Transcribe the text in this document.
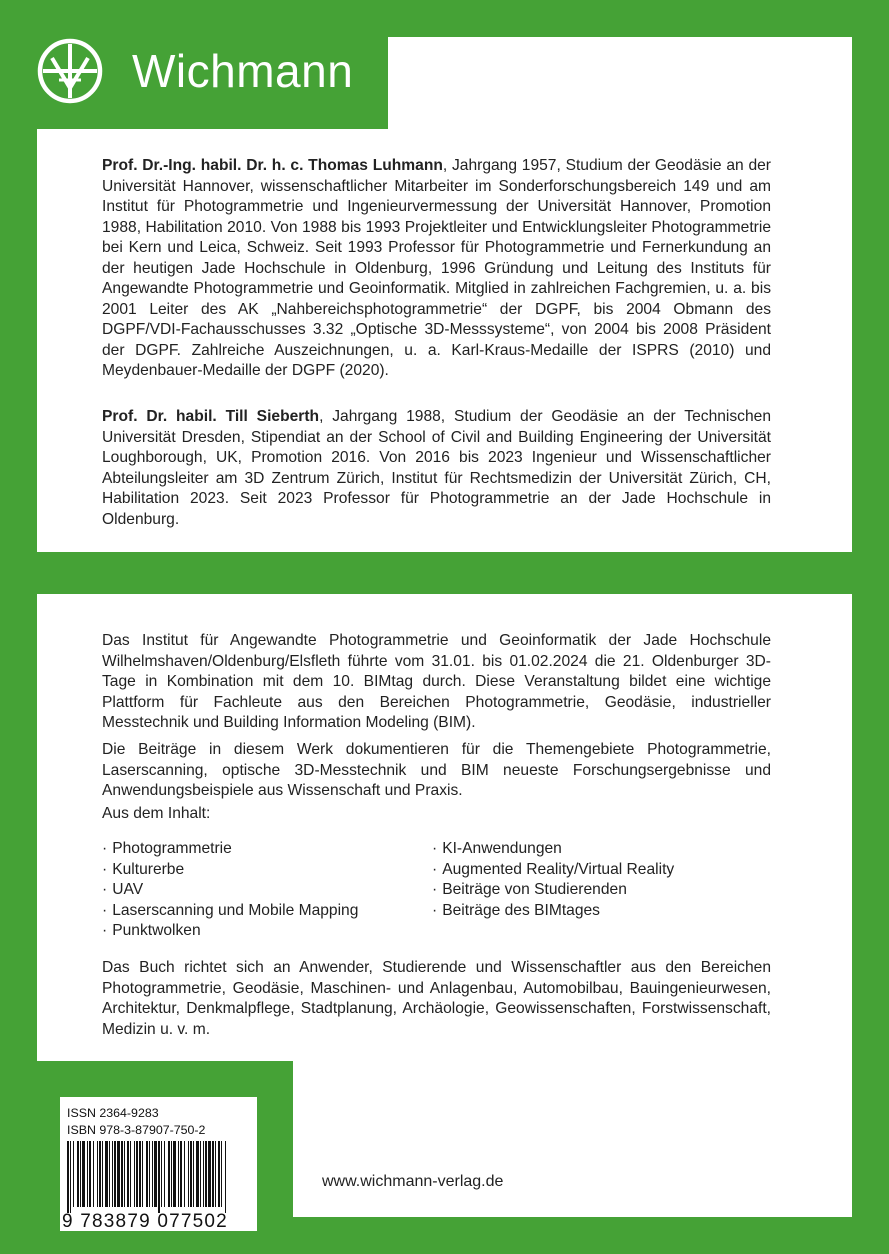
Wichmann
Prof. Dr.-Ing. habil. Dr. h. c. Thomas Luhmann, Jahrgang 1957, Studium der Geodäsie an der Universität Hannover, wissenschaftlicher Mitarbeiter im Sonderforschungsbereich 149 und am Institut für Photogrammetrie und Ingenieurvermessung der Universität Hannover, Promotion 1988, Habilitation 2010. Von 1988 bis 1993 Projektleiter und Entwicklungsleiter Photogrammetrie bei Kern und Leica, Schweiz. Seit 1993 Professor für Photogrammetrie und Fernerkundung an der heutigen Jade Hochschule in Oldenburg, 1996 Gründung und Leitung des Instituts für Angewandte Photogrammetrie und Geoinformatik. Mitglied in zahlreichen Fachgremien, u. a. bis 2001 Leiter des AK „Nahbereichsphotogrammetrie“ der DGPF, bis 2004 Obmann des DGPF/VDI-Fachausschusses 3.32 „Optische 3D-Messsysteme“, von 2004 bis 2008 Präsident der DGPF. Zahlreiche Auszeichnungen, u. a. Karl-Kraus-Medaille der ISPRS (2010) und Meydenbauer-Medaille der DGPF (2020).
Prof. Dr. habil. Till Sieberth, Jahrgang 1988, Studium der Geodäsie an der Technischen Universität Dresden, Stipendiat an der School of Civil and Building Engineering der Universität Loughborough, UK, Promotion 2016. Von 2016 bis 2023 Ingenieur und Wissenschaftlicher Abteilungsleiter am 3D Zentrum Zürich, Institut für Rechtsmedizin der Universität Zürich, CH, Habilitation 2023. Seit 2023 Professor für Photogrammetrie an der Jade Hochschule in Oldenburg.

Das Institut für Angewandte Photogrammetrie und Geoinformatik der Jade Hochschule Wilhelmshaven/Oldenburg/Elsfleth führte vom 31.01. bis 01.02.2024 die 21. Oldenburger 3D-Tage in Kombination mit dem 10. BIMtag durch. Diese Veranstaltung bildet eine wichtige Plattform für Fachleute aus den Bereichen Photogrammetrie, Geodäsie, industrieller Messtechnik und Building Information Modeling (BIM).

Die Beiträge in diesem Werk dokumentieren für die Themengebiete Photogrammetrie, Laserscanning, optische 3D-Messtechnik und BIM neueste Forschungsergebnisse und Anwendungsbeispiele aus Wissenschaft und Praxis.

Aus dem Inhalt:
· Photogrammetrie
· Kulturerbe
· UAV
· Laserscanning und Mobile Mapping
· Punktwolken
· KI-Anwendungen
· Augmented Reality/Virtual Reality
· Beiträge von Studierenden
· Beiträge des BIMtages

Das Buch richtet sich an Anwender, Studierende und Wissenschaftler aus den Bereichen Photogrammetrie, Geodäsie, Maschinen- und Anlagenbau, Automobilbau, Bauingenieurwesen, Architektur, Denkmalpflege, Stadtplanung, Archäologie, Geowissenschaften, Forstwissenschaft, Medizin u. v. m.

ISSN 2364-9283
ISBN 978-3-87907-750-2
9 783879 077502
www.wichmann-verlag.de
